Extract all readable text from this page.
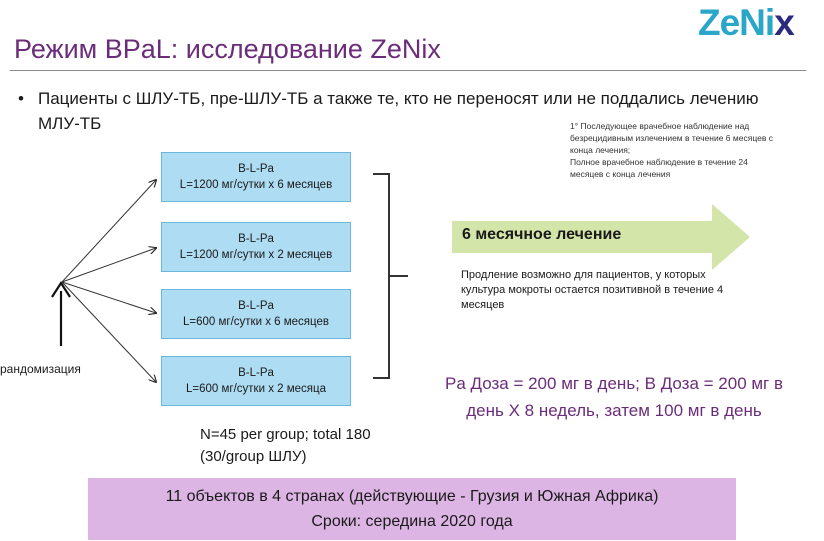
ZeNix
Режим BPaL: исследование ZeNix
• Пациенты с ШЛУ-ТБ, пре-ШЛУ-ТБ а также те, кто не переносят или не поддались лечению МЛУ-ТБ	1° Последующее врачебное наблюдение над безрецидивным излечением в течение 6 месяцев с конца лечения;
Полное врачебное наблюдение в течение 24 месяцев с конца лечения
B-L-Pa
L=1200 мг/сутки х 6 месяцев
B-L-Pa
L=1200 мг/сутки х 2 месяцев
B-L-Pa
L=600 мг/сутки х 6 месяцев
B-L-Pa
L=600 мг/сутки х 2 месяца
рандомизация
6 месячное лечение
Продление возможно для пациентов, у которых культура мокроты остается позитивной в течение 4 месяцев
Pa Доза = 200 мг в день; B Доза = 200 мг в день X 8 недель, затем 100 мг в день
N=45 per group; total 180
(30/group ШЛУ)
11 объектов в 4 странах (действующие - Грузия и Южная Африка)
Сроки: середина 2020 года
